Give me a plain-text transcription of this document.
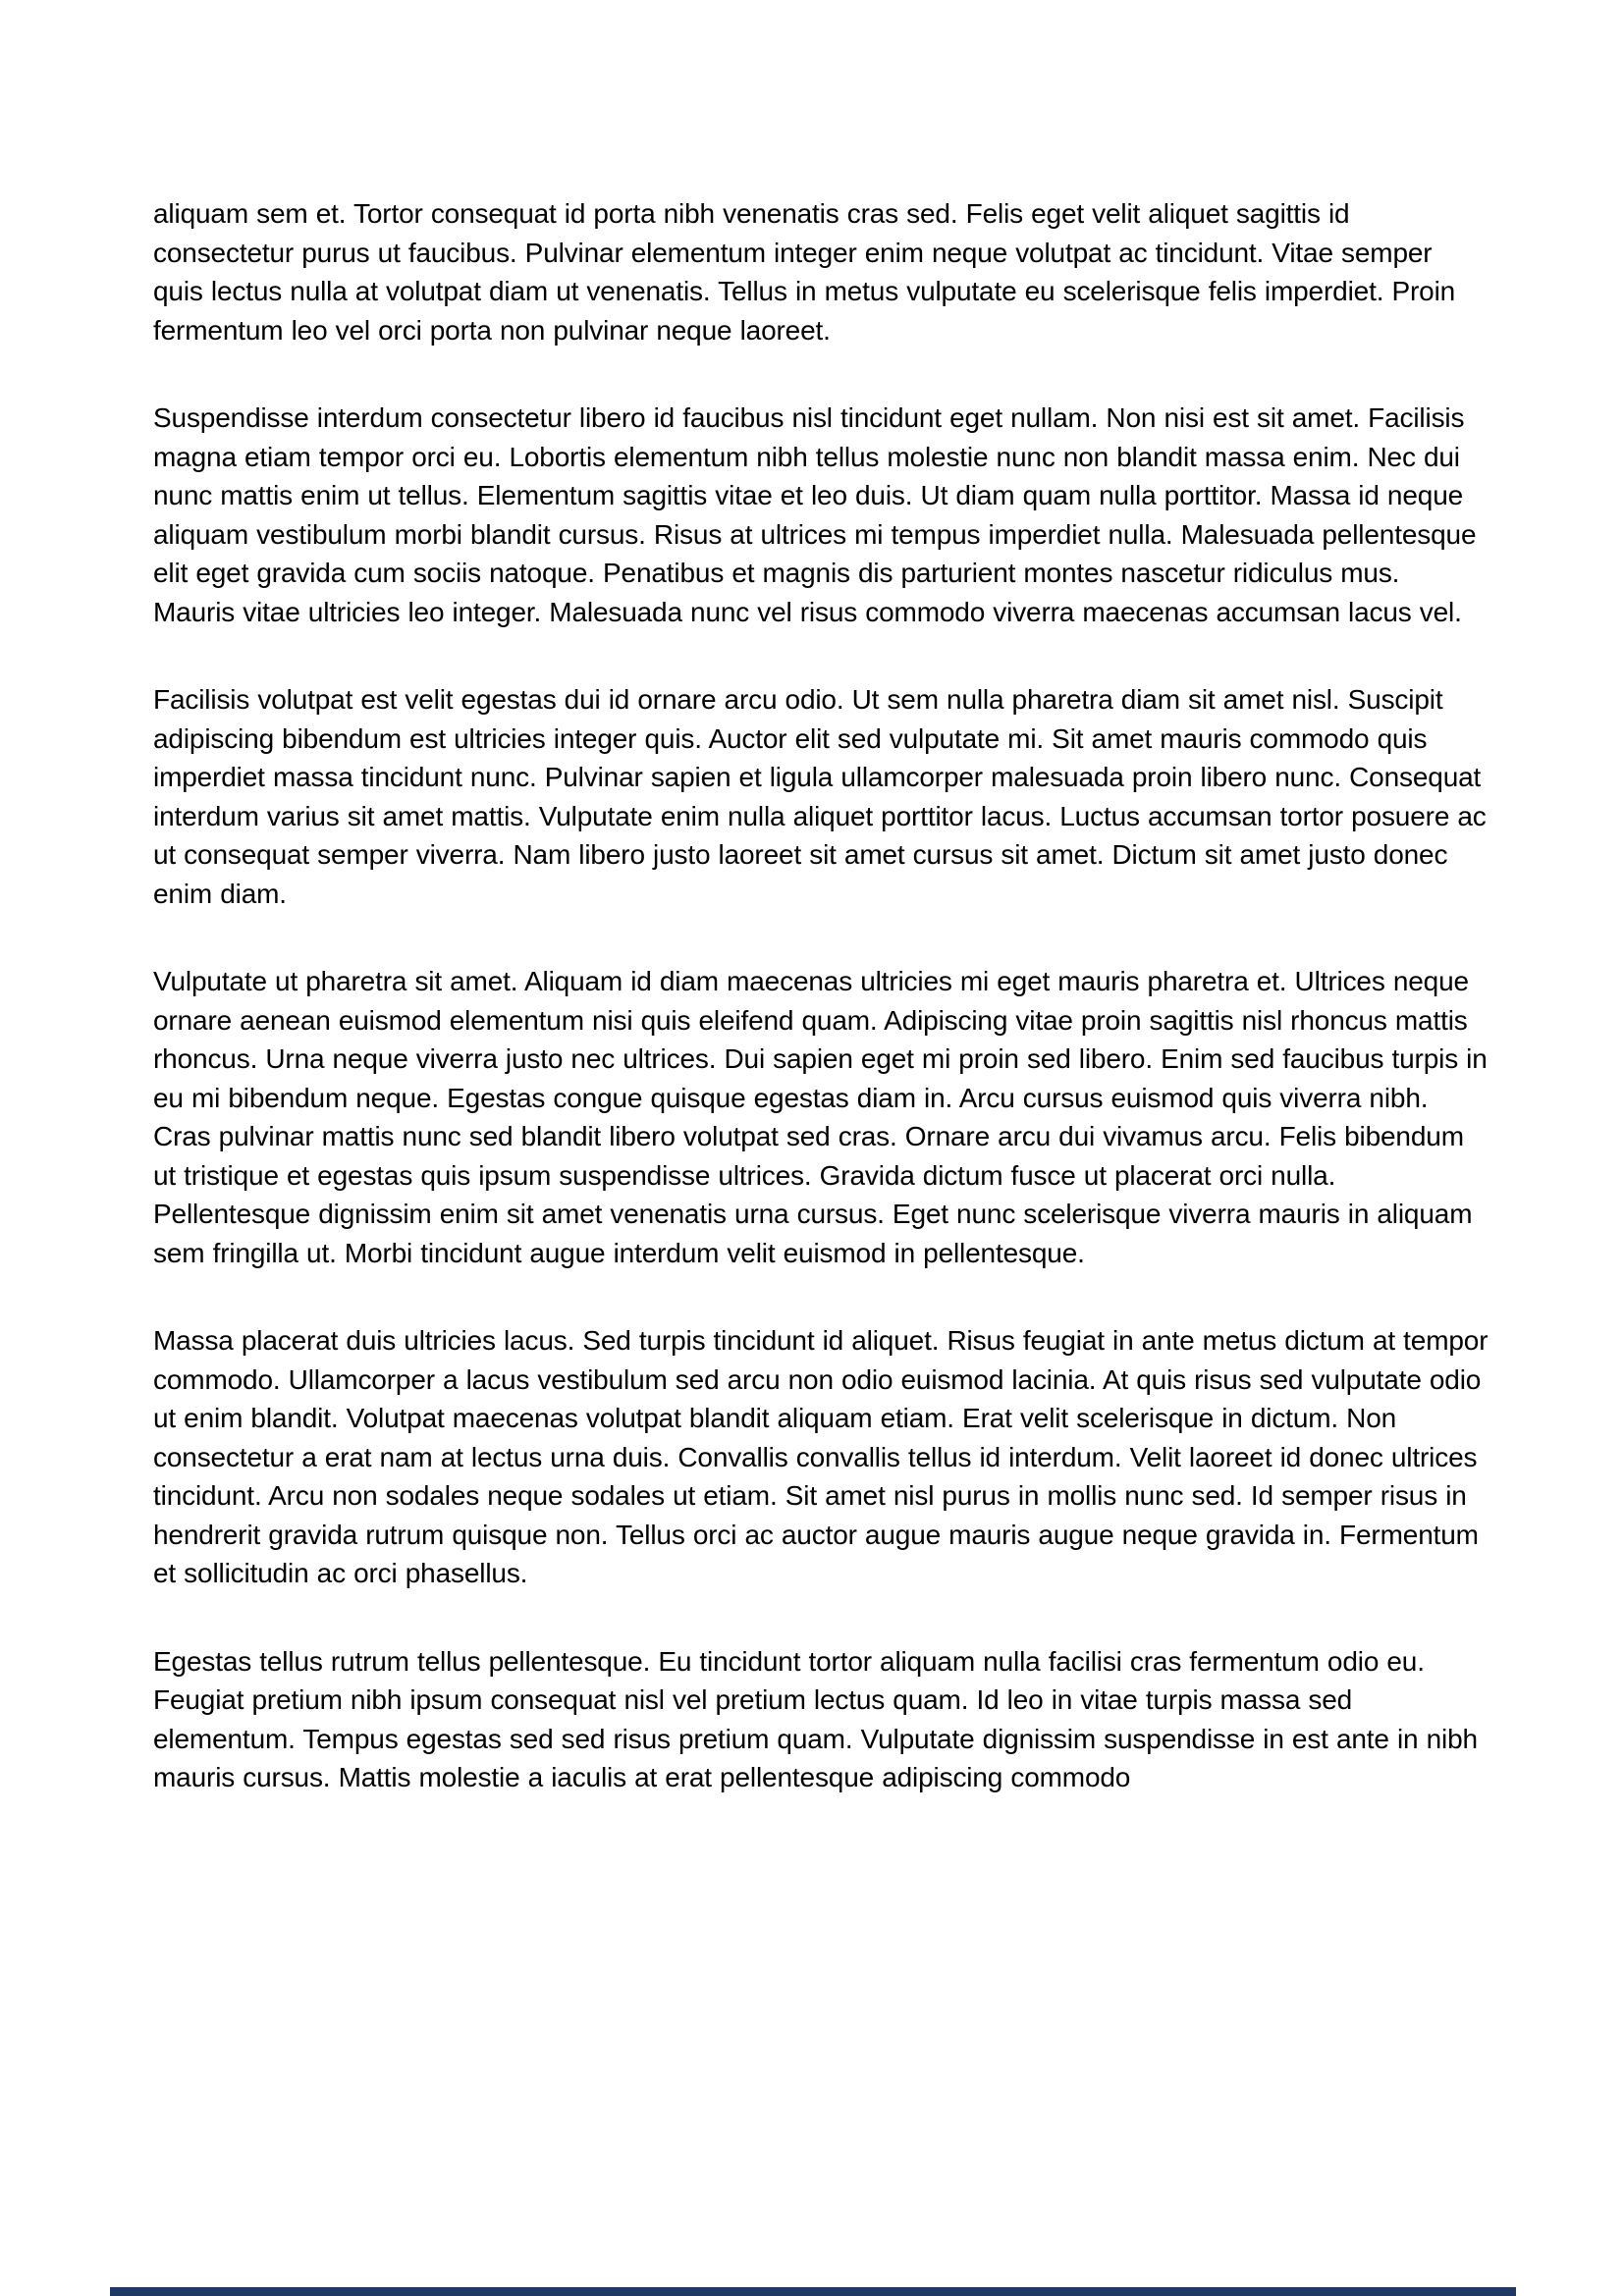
aliquam sem et. Tortor consequat id porta nibh venenatis cras sed. Felis eget velit aliquet sagittis id consectetur purus ut faucibus. Pulvinar elementum integer enim neque volutpat ac tincidunt. Vitae semper quis lectus nulla at volutpat diam ut venenatis. Tellus in metus vulputate eu scelerisque felis imperdiet. Proin fermentum leo vel orci porta non pulvinar neque laoreet.

Suspendisse interdum consectetur libero id faucibus nisl tincidunt eget nullam. Non nisi est sit amet. Facilisis magna etiam tempor orci eu. Lobortis elementum nibh tellus molestie nunc non blandit massa enim. Nec dui nunc mattis enim ut tellus. Elementum sagittis vitae et leo duis. Ut diam quam nulla porttitor. Massa id neque aliquam vestibulum morbi blandit cursus. Risus at ultrices mi tempus imperdiet nulla. Malesuada pellentesque elit eget gravida cum sociis natoque. Penatibus et magnis dis parturient montes nascetur ridiculus mus. Mauris vitae ultricies leo integer. Malesuada nunc vel risus commodo viverra maecenas accumsan lacus vel.

Facilisis volutpat est velit egestas dui id ornare arcu odio. Ut sem nulla pharetra diam sit amet nisl. Suscipit adipiscing bibendum est ultricies integer quis. Auctor elit sed vulputate mi. Sit amet mauris commodo quis imperdiet massa tincidunt nunc. Pulvinar sapien et ligula ullamcorper malesuada proin libero nunc. Consequat interdum varius sit amet mattis. Vulputate enim nulla aliquet porttitor lacus. Luctus accumsan tortor posuere ac ut consequat semper viverra. Nam libero justo laoreet sit amet cursus sit amet. Dictum sit amet justo donec enim diam.

Vulputate ut pharetra sit amet. Aliquam id diam maecenas ultricies mi eget mauris pharetra et. Ultrices neque ornare aenean euismod elementum nisi quis eleifend quam. Adipiscing vitae proin sagittis nisl rhoncus mattis rhoncus. Urna neque viverra justo nec ultrices. Dui sapien eget mi proin sed libero. Enim sed faucibus turpis in eu mi bibendum neque. Egestas congue quisque egestas diam in. Arcu cursus euismod quis viverra nibh. Cras pulvinar mattis nunc sed blandit libero volutpat sed cras. Ornare arcu dui vivamus arcu. Felis bibendum ut tristique et egestas quis ipsum suspendisse ultrices. Gravida dictum fusce ut placerat orci nulla. Pellentesque dignissim enim sit amet venenatis urna cursus. Eget nunc scelerisque viverra mauris in aliquam sem fringilla ut. Morbi tincidunt augue interdum velit euismod in pellentesque.

Massa placerat duis ultricies lacus. Sed turpis tincidunt id aliquet. Risus feugiat in ante metus dictum at tempor commodo. Ullamcorper a lacus vestibulum sed arcu non odio euismod lacinia. At quis risus sed vulputate odio ut enim blandit. Volutpat maecenas volutpat blandit aliquam etiam. Erat velit scelerisque in dictum. Non consectetur a erat nam at lectus urna duis. Convallis convallis tellus id interdum. Velit laoreet id donec ultrices tincidunt. Arcu non sodales neque sodales ut etiam. Sit amet nisl purus in mollis nunc sed. Id semper risus in hendrerit gravida rutrum quisque non. Tellus orci ac auctor augue mauris augue neque gravida in. Fermentum et sollicitudin ac orci phasellus.

Egestas tellus rutrum tellus pellentesque. Eu tincidunt tortor aliquam nulla facilisi cras fermentum odio eu. Feugiat pretium nibh ipsum consequat nisl vel pretium lectus quam. Id leo in vitae turpis massa sed elementum. Tempus egestas sed sed risus pretium quam. Vulputate dignissim suspendisse in est ante in nibh mauris cursus. Mattis molestie a iaculis at erat pellentesque adipiscing commodo
